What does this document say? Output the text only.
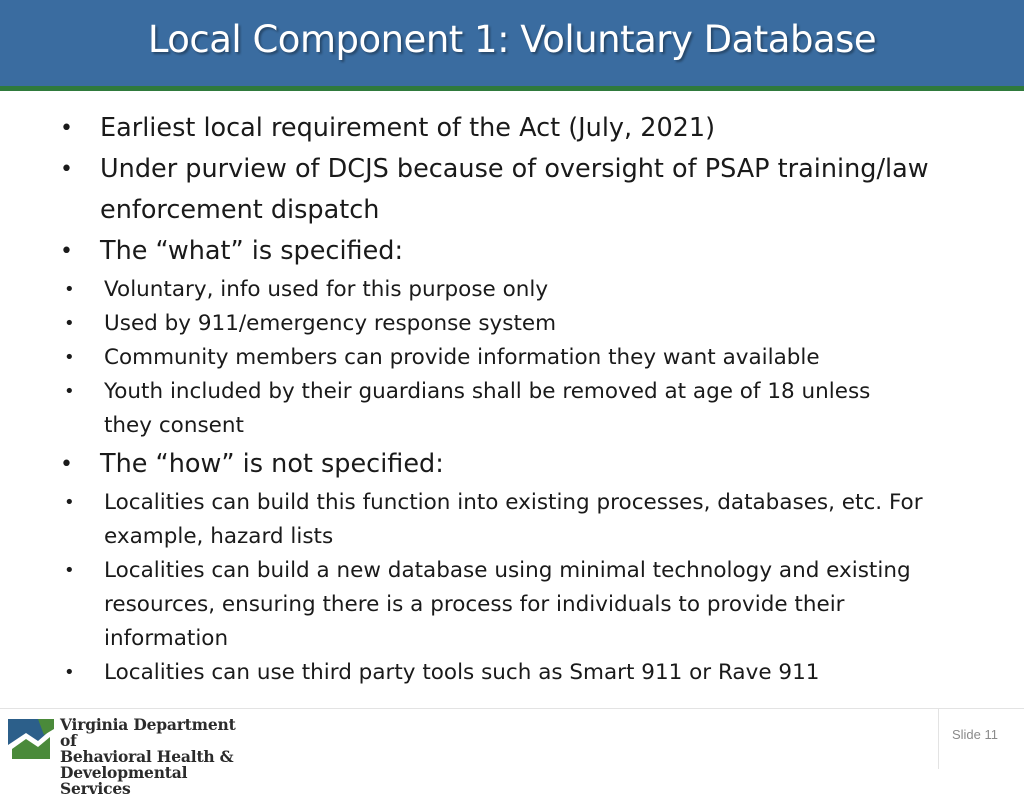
Local Component 1: Voluntary Database
• Earliest local requirement of the Act (July, 2021)
• Under purview of DCJS because of oversight of PSAP training/law enforcement dispatch
• The “what” is specified:
• Voluntary, info used for this purpose only
• Used by 911/emergency response system
• Community members can provide information they want available
• Youth included by their guardians shall be removed at age of 18 unless they consent
• The “how” is not specified:
• Localities can build this function into existing processes, databases, etc. For example, hazard lists
• Localities can build a new database using minimal technology and existing resources, ensuring there is a process for individuals to provide their information
• Localities can use third party tools such as Smart 911 or Rave 911
Virginia Department of
Behavioral Health &
Developmental Services
Slide 11
